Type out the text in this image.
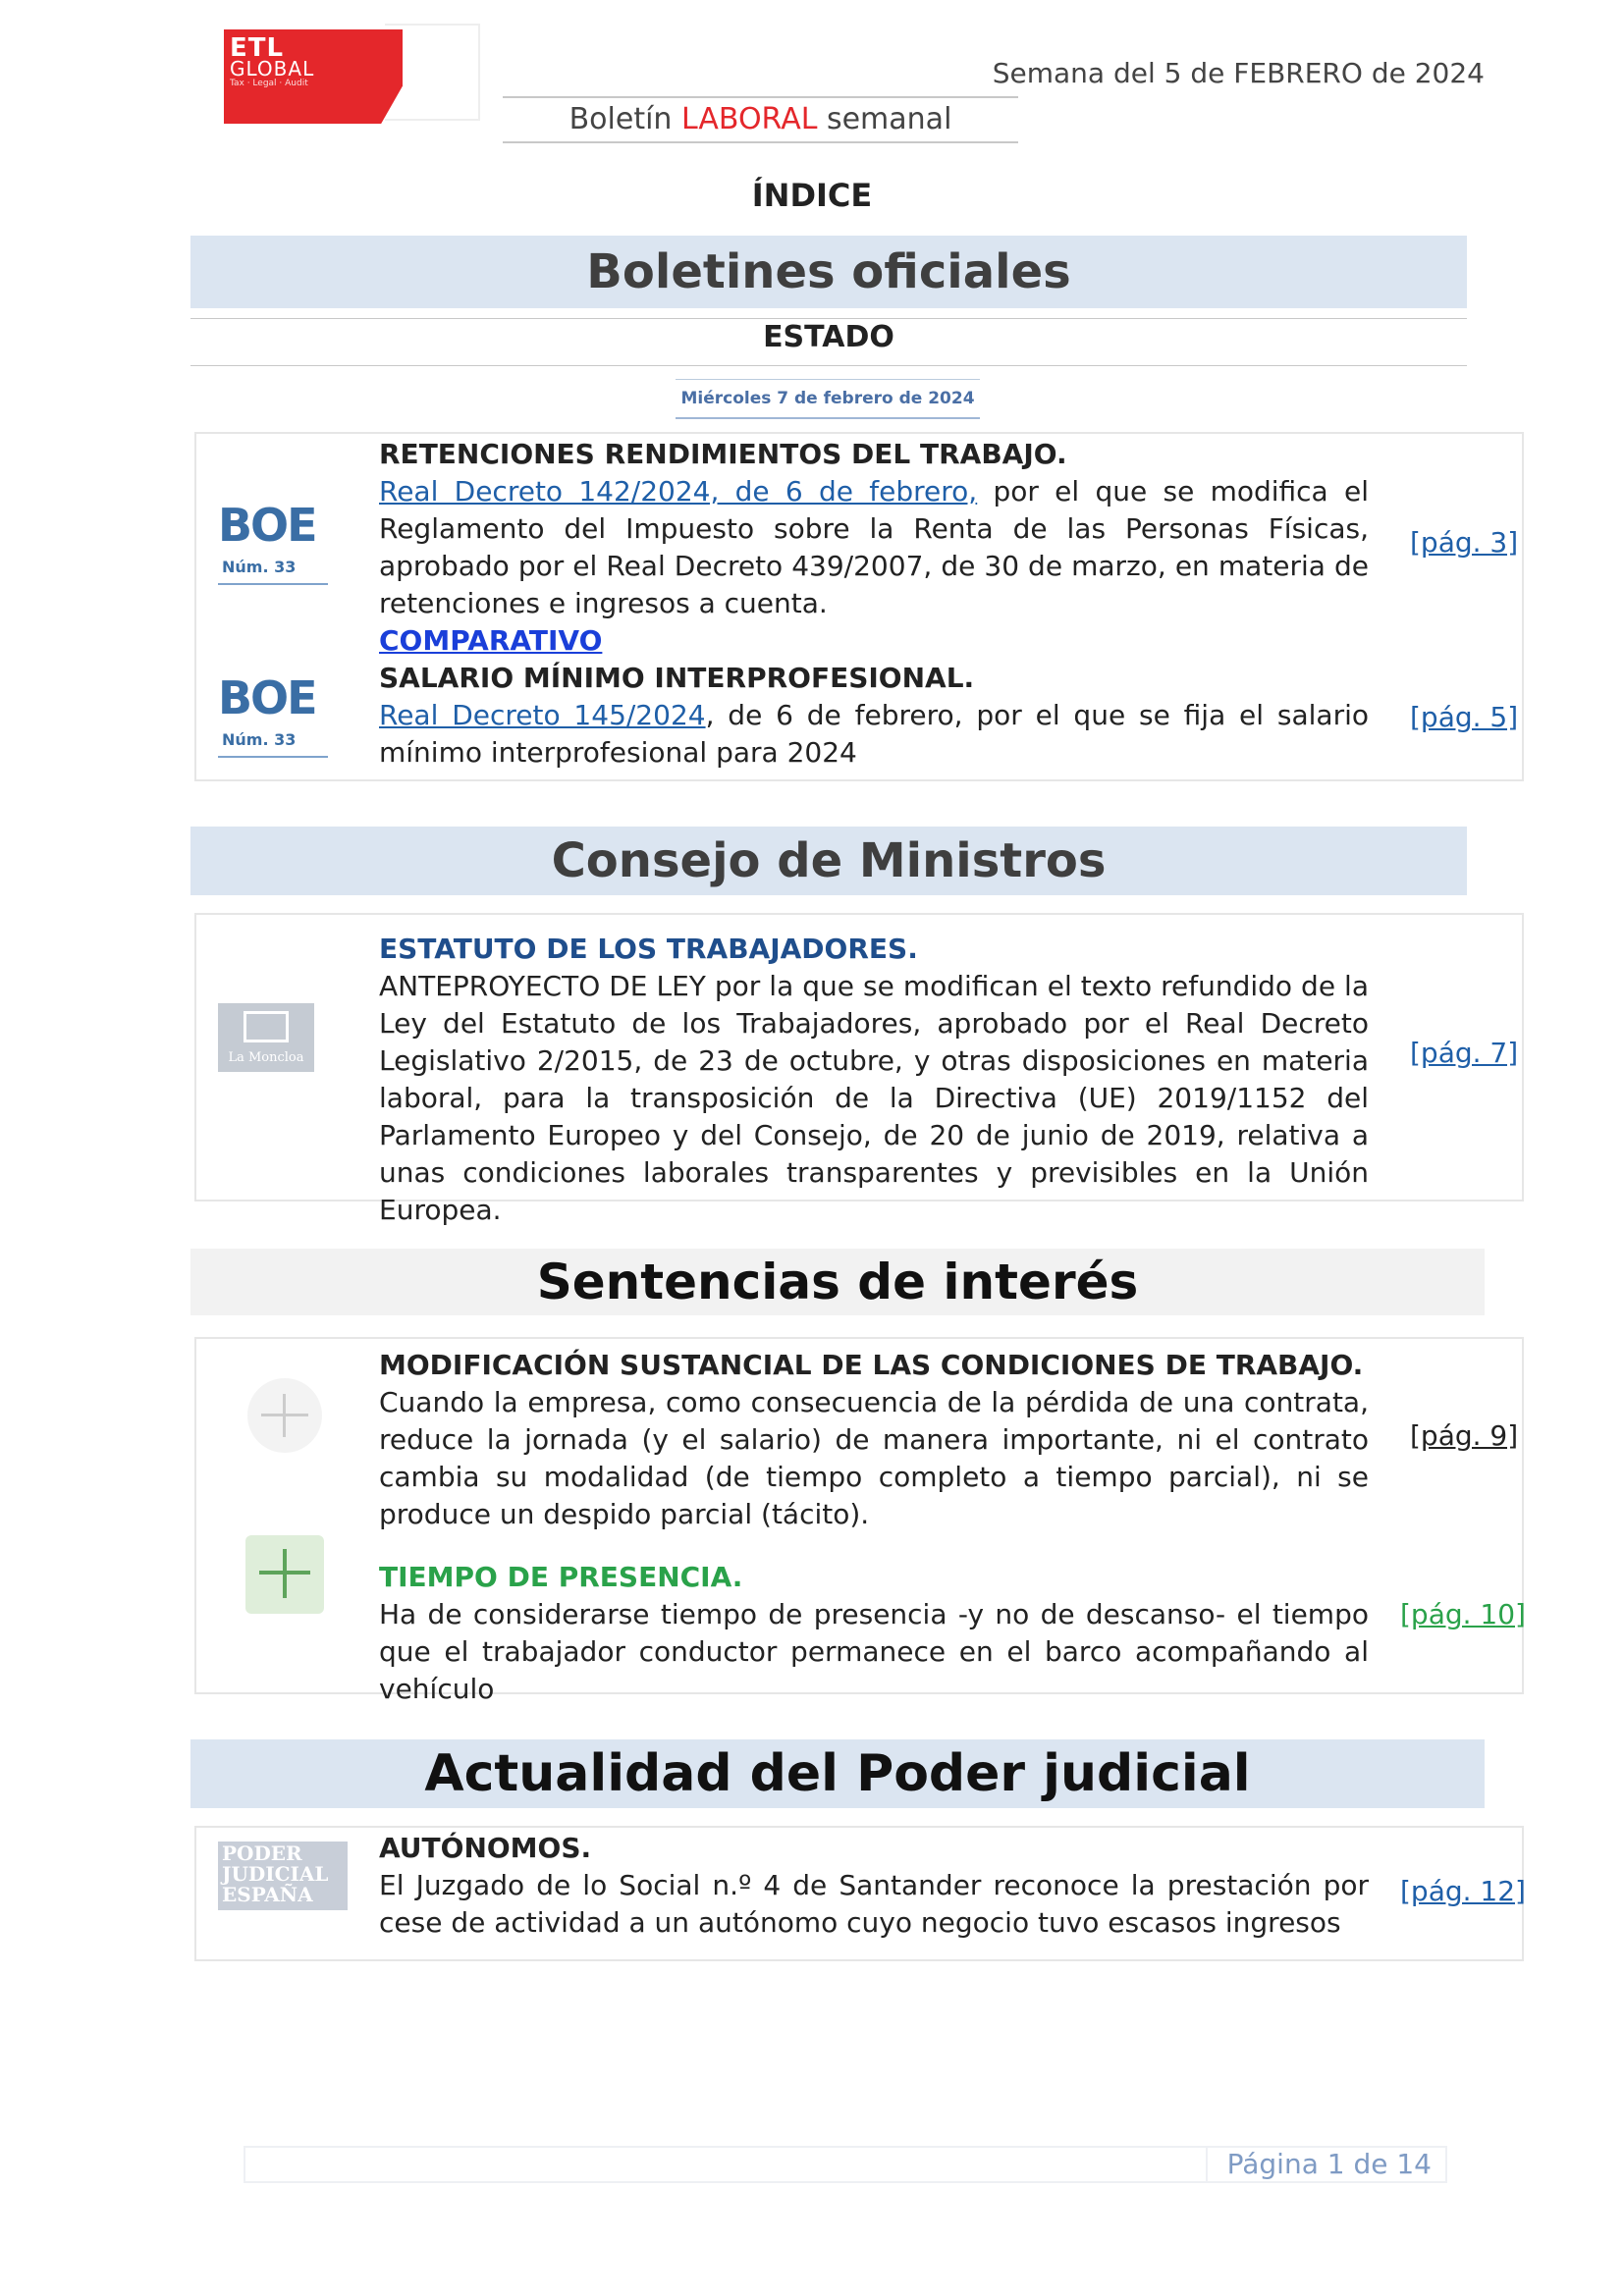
ETL
GLOBAL
Tax · Legal · Audit	Semana del 5 de FEBRERO de 2024
Boletín LABORAL semanal
ÍNDICE
Boletines oficiales
ESTADO
Miércoles 7 de febrero de 2024
BOE
Núm. 33
RETENCIONES RENDIMIENTOS DEL TRABAJO.
Real Decreto 142/2024, de 6 de febrero, por el que se modifica el Reglamento del Impuesto sobre la Renta de las Personas Físicas, aprobado por el Real Decreto 439/2007, de 30 de marzo, en materia de retenciones e ingresos a cuenta.
COMPARATIVO
[pág. 3]
BOE
Núm. 33
SALARIO MÍNIMO INTERPROFESIONAL.
Real Decreto 145/2024, de 6 de febrero, por el que se fija el salario mínimo interprofesional para 2024
[pág. 5]
Consejo de Ministros
La Moncloa
ESTATUTO DE LOS TRABAJADORES.
ANTEPROYECTO DE LEY por la que se modifican el texto refundido de la Ley del Estatuto de los Trabajadores, aprobado por el Real Decreto Legislativo 2/2015, de 23 de octubre, y otras disposiciones en materia laboral, para la transposición de la Directiva (UE) 2019/1152 del Parlamento Europeo y del Consejo, de 20 de junio de 2019, relativa a unas condiciones laborales transparentes y previsibles en la Unión Europea.
[pág. 7]
Sentencias de interés
MODIFICACIÓN SUSTANCIAL DE LAS CONDICIONES DE TRABAJO.
Cuando la empresa, como consecuencia de la pérdida de una contrata, reduce la jornada (y el salario) de manera importante, ni el contrato cambia su modalidad (de tiempo completo a tiempo parcial), ni se produce un despido parcial (tácito).
[pág. 9]
TIEMPO DE PRESENCIA.
Ha de considerarse tiempo de presencia -y no de descanso- el tiempo que el trabajador conductor permanece en el barco acompañando al vehículo
[pág. 10]
Actualidad del Poder judicial
PODER
JUDICIAL
ESPAÑA
AUTÓNOMOS.
El Juzgado de lo Social n.º 4 de Santander reconoce la prestación por cese de actividad a un autónomo cuyo negocio tuvo escasos ingresos
[pág. 12]
Página 1 de 14
